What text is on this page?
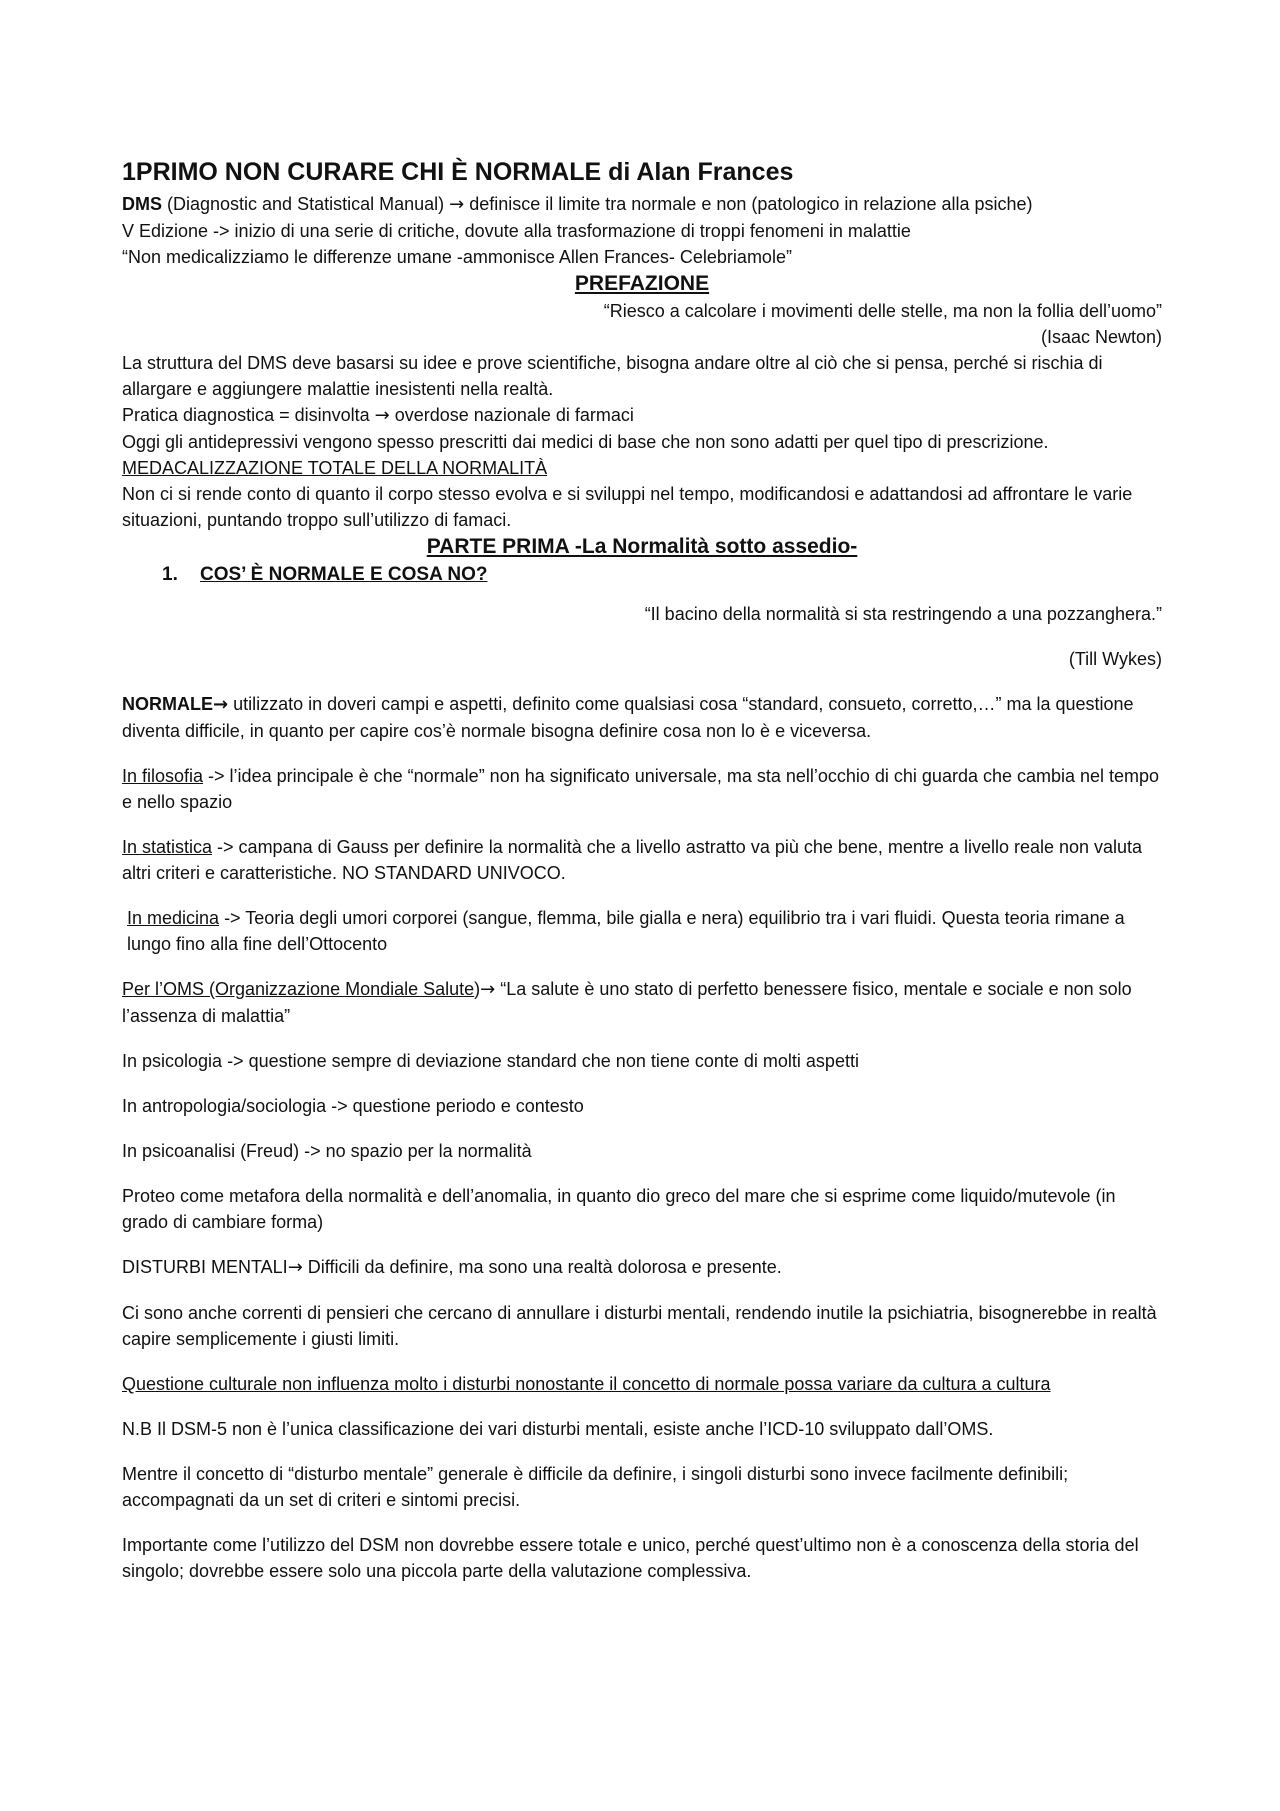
1PRIMO NON CURARE CHI È NORMALE di Alan Frances

DMS (Diagnostic and Statistical Manual) → definisce il limite tra normale e non (patologico in relazione alla psiche)

V Edizione -> inizio di una serie di critiche, dovute alla trasformazione di troppi fenomeni in malattie

“Non medicalizziamo le differenze umane -ammonisce Allen Frances- Celebriamole”

PREFAZIONE

“Riesco a calcolare i movimenti delle stelle, ma non la follia dell’uomo”

(Isaac Newton)

La struttura del DMS deve basarsi su idee e prove scientifiche, bisogna andare oltre al ciò che si pensa, perché si rischia di allargare e aggiungere malattie inesistenti nella realtà.

Pratica diagnostica = disinvolta → overdose nazionale di farmaci

Oggi gli antidepressivi vengono spesso prescritti dai medici di base che non sono adatti per quel tipo di prescrizione.

MEDACALIZZAZIONE TOTALE DELLA NORMALITÀ

Non ci si rende conto di quanto il corpo stesso evolva e si sviluppi nel tempo, modificandosi e adattandosi ad affrontare le varie situazioni, puntando troppo sull’utilizzo di famaci.

PARTE PRIMA -La Normalità sotto assedio-

1. COS’ È NORMALE E COSA NO?

“Il bacino della normalità si sta restringendo a una pozzanghera.”

(Till Wykes)

NORMALE→ utilizzato in doveri campi e aspetti, definito come qualsiasi cosa “standard, consueto, corretto,…” ma la questione diventa difficile, in quanto per capire cos’è normale bisogna definire cosa non lo è e viceversa.

In filosofia -> l’idea principale è che “normale” non ha significato universale, ma sta nell’occhio di chi guarda che cambia nel tempo e nello spazio

In statistica -> campana di Gauss per definire la normalità che a livello astratto va più che bene, mentre a livello reale non valuta altri criteri e caratteristiche. NO STANDARD UNIVOCO.

In medicina -> Teoria degli umori corporei (sangue, flemma, bile gialla e nera) equilibrio tra i vari fluidi. Questa teoria rimane a lungo fino alla fine dell’Ottocento

Per l’OMS (Organizzazione Mondiale Salute)→ “La salute è uno stato di perfetto benessere fisico, mentale e sociale e non solo l’assenza di malattia”

In psicologia -> questione sempre di deviazione standard che non tiene conte di molti aspetti

In antropologia/sociologia -> questione periodo e contesto

In psicoanalisi (Freud) -> no spazio per la normalità

Proteo come metafora della normalità e dell’anomalia, in quanto dio greco del mare che si esprime come liquido/mutevole (in grado di cambiare forma)

DISTURBI MENTALI→ Difficili da definire, ma sono una realtà dolorosa e presente.

Ci sono anche correnti di pensieri che cercano di annullare i disturbi mentali, rendendo inutile la psichiatria, bisognerebbe in realtà capire semplicemente i giusti limiti.

Questione culturale non influenza molto i disturbi nonostante il concetto di normale possa variare da cultura a cultura

N.B Il DSM-5 non è l’unica classificazione dei vari disturbi mentali, esiste anche l’ICD-10 sviluppato dall’OMS.

Mentre il concetto di “disturbo mentale” generale è difficile da definire, i singoli disturbi sono invece facilmente definibili; accompagnati da un set di criteri e sintomi precisi.

Importante come l’utilizzo del DSM non dovrebbe essere totale e unico, perché quest’ultimo non è a conoscenza della storia del singolo; dovrebbe essere solo una piccola parte della valutazione complessiva.
